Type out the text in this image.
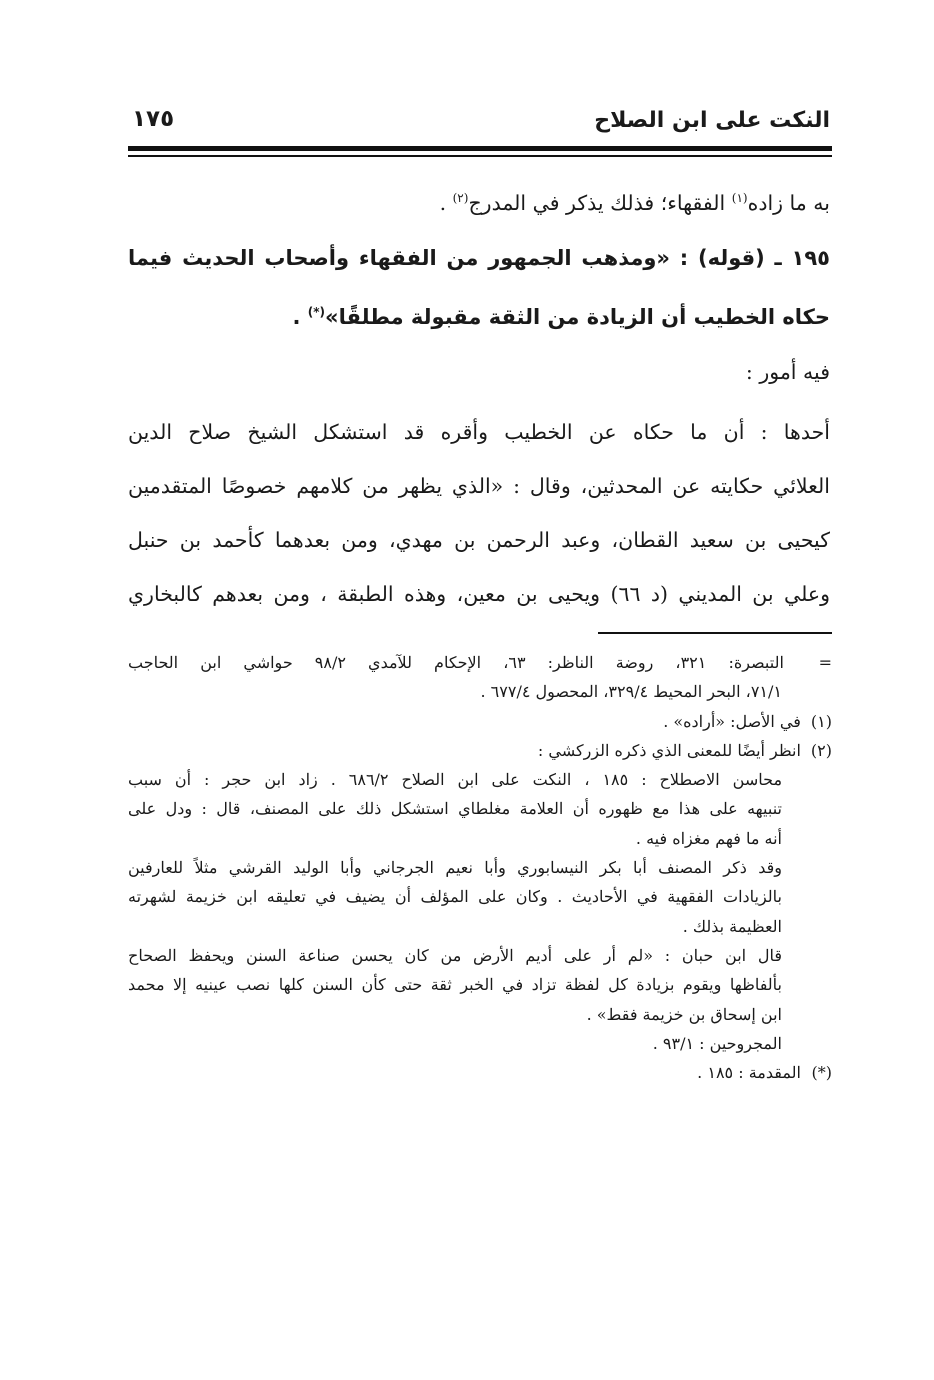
النكت على ابن الصلاح
١٧٥
به ما زاده$^{(١)}$ الفقهاء؛ فذلك يذكر في المدرج$^{(٢)}$ .
١٩٥ ـ (قوله) : «ومذهب الجمهور من الفقهاء وأصحاب الحديث فيما
حكاه الخطيب أن الزيادة من الثقة مقبولة مطلقًا»(*) .
فيه أمور :
أحدها : أن ما حكاه عن الخطيب وأقره قد استشكل الشيخ صلاح الدين
العلائي حكايته عن المحدثين، وقال : «الذي يظهر من كلامهم خصوصًا المتقدمين
كيحيى بن سعيد القطان، وعبد الرحمن بن مهدي، ومن بعدهما كأحمد بن حنبل
وعلي بن المديني (د ٦٦) ويحيى بن معين، وهذه الطبقة ، ومن بعدهم كالبخاري
= التبصرة: ٣٢١، روضة الناظر: ٦٣، الإحكام للآمدي ٩٨/٢ حواشي ابن الحاجب
٧١/١، البحر المحيط ٣٢٩/٤، المحصول ٦٧٧/٤ .
(١) في الأصل: «أراده» .
(٢) انظر أيضًا للمعنى الذي ذكره الزركشي :
محاسن الاصطلاح : ١٨٥ ، النكت على ابن الصلاح ٦٨٦/٢ . زاد ابن حجر : أن سبب
تنبيهه على هذا مع ظهوره أن العلامة مغلطاي استشكل ذلك على المصنف، قال : ودل على
أنه ما فهم مغزاه فيه .
وقد ذكر المصنف أبا بكر النيسابوري وأبا نعيم الجرجاني وأبا الوليد القرشي مثلاً للعارفين
بالزيادات الفقهية في الأحاديث . وكان على المؤلف أن يضيف في تعليقه ابن خزيمة لشهرته
العظيمة بذلك .
قال ابن حبان : «لم أر على أديم الأرض من كان يحسن صناعة السنن ويحفظ الصحاح
بألفاظها ويقوم بزيادة كل لفظة تزاد في الخبر ثقة حتى كأن السنن كلها نصب عينيه إلا محمد
ابن إسحاق بن خزيمة فقط» .
المجروحين : ٩٣/١ .
(*) المقدمة : ١٨٥ .
